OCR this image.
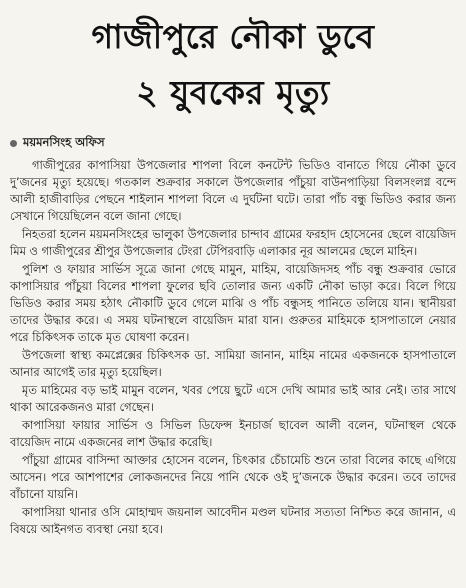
গাজীপুরে নৌকা ডুবে
২ যুবকের মৃত্যু
ময়মনসিংহ অফিস

গাজীপুরের কাপাসিয়া উপজেলার শাপলা বিলে কনটেন্ট ভিডিও বানাতে গিয়ে নৌকা ডুবে দু’জনের মৃত্যু হয়েছে। গতকাল শুক্রবার সকালে উপজেলার পাঁচুয়া বাউনপাড়িয়া বিলসংলগ্ন বন্দে আলী হাজীবাড়ির পেছনে শাইলান শাপলা বিলে এ দুর্ঘটনা ঘটে। তারা পাঁচ বন্ধু ভিডিও করার জন্য সেখানে গিয়েছিলেন বলে জানা গেছে।

নিহতরা হলেন ময়মনসিংহের ভালুকা উপজেলার চান্দাব গ্রামের ফরহাদ হোসেনের ছেলে বায়েজিদ মিম ও গাজীপুরের শ্রীপুর উপজেলার টেংরা টেপিরবাড়ি এলাকার নূর আলমের ছেলে মাহিন।

পুলিশ ও ফায়ার সার্ভিস সূত্রে জানা গেছে মামুন, মাহিম, বায়েজিদসহ পাঁচ বন্ধু শুক্রবার ভোরে কাপাসিয়ার পাঁচুয়া বিলের শাপলা ফুলের ছবি তোলার জন্য একটি নৌকা ভাড়া করে। বিলে গিয়ে ভিডিও করার সময় হঠাৎ নৌকাটি ডুবে গেলে মাঝি ও পাঁচ বন্ধুসহ পানিতে তলিয়ে যান। স্থানীয়রা তাদের উদ্ধার করে। এ সময় ঘটনাস্থলে বায়েজিদ মারা যান। গুরুতর মাহিমকে হাসপাতালে নেয়ার পরে চিকিৎসক তাকে মৃত ঘোষণা করেন।

উপজেলা স্বাস্থ্য কমপ্লেক্সের চিকিৎসক ডা. সামিয়া জানান, মাহিম নামের একজনকে হাসপাতালে আনার আগেই তার মৃত্যু হয়েছিল।

মৃত মাহিমের বড় ভাই মামুন বলেন, খবর পেয়ে ছুটে এসে দেখি আমার ভাই আর নেই। তার সাথে থাকা আরেকজনও মারা গেছেন।

কাপাসিয়া ফায়ার সার্ভিস ও সিভিল ডিফেন্স ইনচার্জ ছাবেল আলী বলেন, ঘটনাস্থল থেকে বায়েজিদ নামে একজনের লাশ উদ্ধার করেছি।

পাঁচুয়া গ্রামের বাসিন্দা আক্তার হোসেন বলেন, চিৎকার চেঁচামেচি শুনে তারা বিলের কাছে এগিয়ে আসেন। পরে আশপাশের লোকজনদের নিয়ে পানি থেকে ওই দু’জনকে উদ্ধার করেন। তবে তাদের বাঁচানো যায়নি।

কাপাসিয়া থানার ওসি মোহাম্মদ জয়নাল আবেদীন মণ্ডল ঘটনার সত্যতা নিশ্চিত করে জানান, এ বিষয়ে আইনগত ব্যবস্থা নেয়া হবে।
